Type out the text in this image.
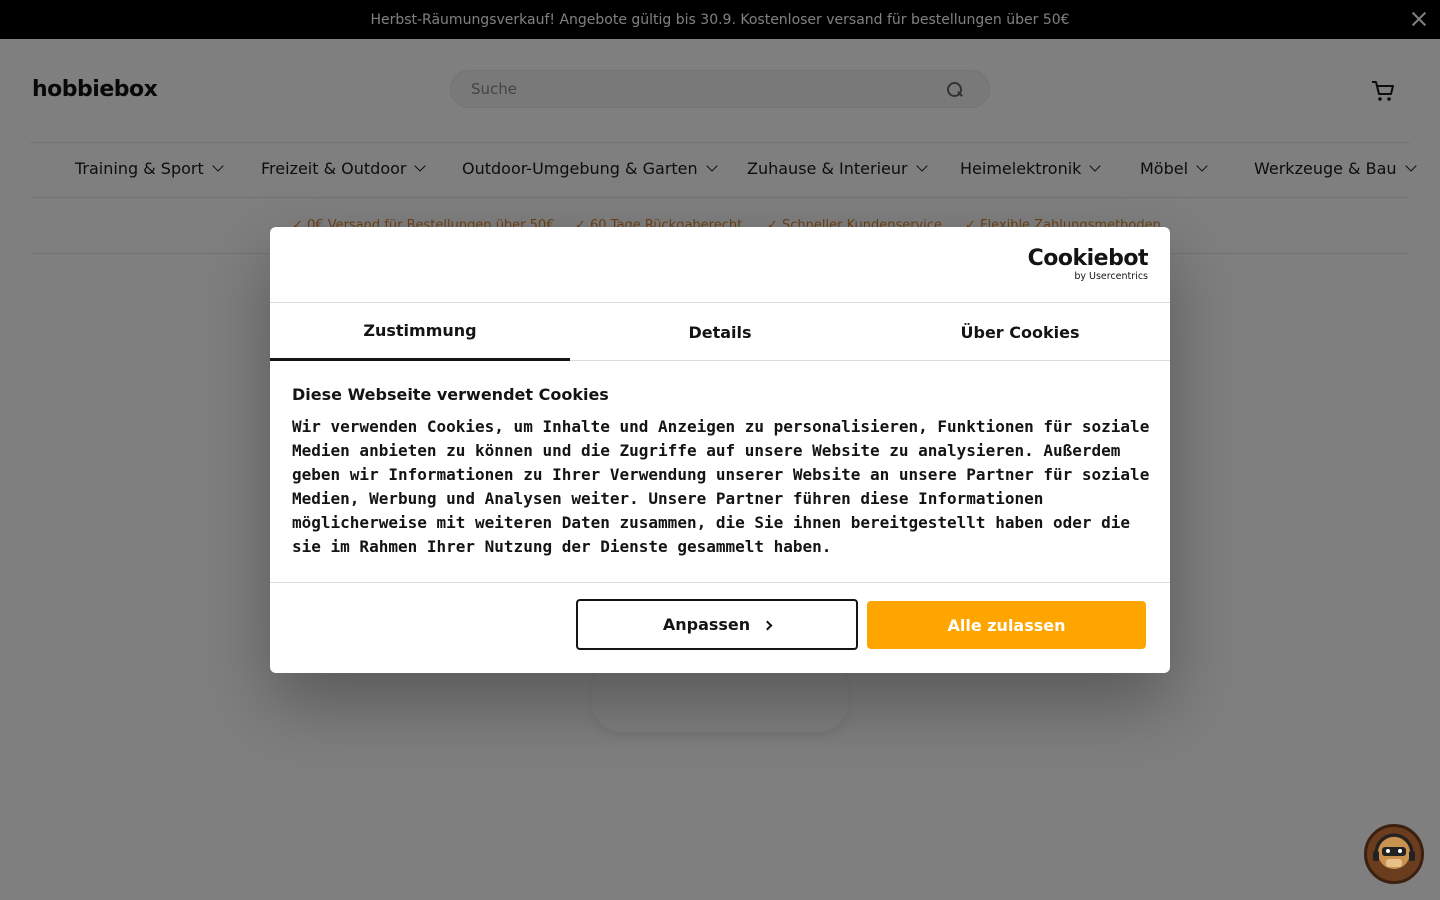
Suche
Cookiebot
by Usercentrics
Zustimmung	Details	Über Cookies
Diese Webseite verwendet Cookies
Wir verwenden Cookies, um Inhalte und Anzeigen zu personalisieren, Funktionen für soziale Medien anbieten zu können und die Zugriffe auf unsere Website zu analysieren. Außerdem geben wir Informationen zu Ihrer Verwendung unserer Website an unsere Partner für soziale Medien, Werbung und Analysen weiter. Unsere Partner führen diese Informationen möglicherweise mit weiteren Daten zusammen, die Sie ihnen bereitgestellt haben oder die sie im Rahmen Ihrer Nutzung der Dienste gesammelt haben.
Anpassen	Alle zulassen
